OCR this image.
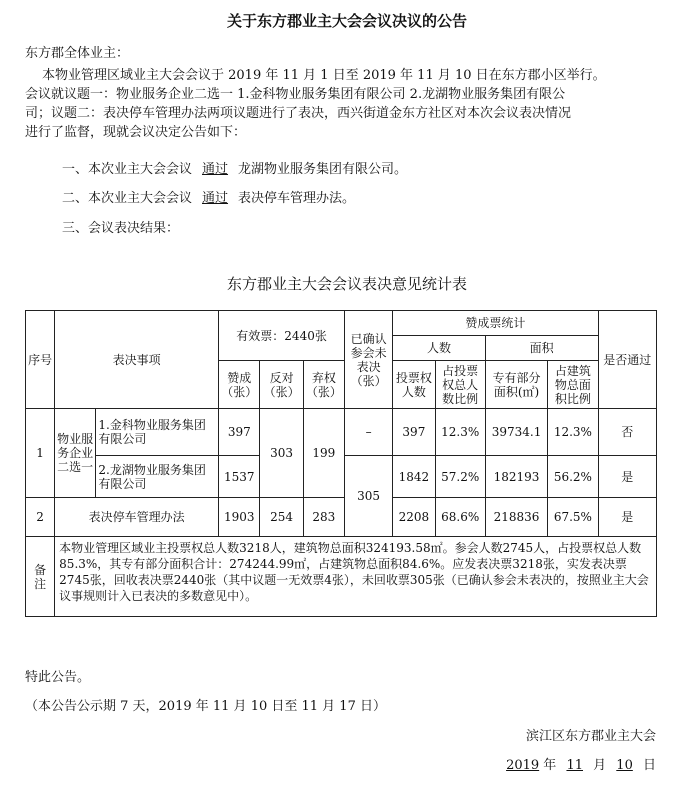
关于东方郡业主大会会议决议的公告
东方郡全体业主：
本物业管理区域业主大会会议于 2019 年 11 月 1 日至 2019 年 11 月 10 日在东方郡小区举行。
会议就议题一：物业服务企业二选一 1.金科物业服务集团有限公司 2.龙湖物业服务集团有限公
司；议题二：表决停车管理办法两项议题进行了表决，西兴街道金东方社区对本次会议表决情况
进行了监督，现就会议决定公告如下：
一、本次业主大会会议 通过 龙湖物业服务集团有限公司。
二、本次业主大会会议 通过 表决停车管理办法。
三、会议表决结果：
东方郡业主大会会议表决意见统计表
序号	表决事项		有效票：2440张			已确认参会未表决（张）	赞成票统计				是否通过
							人数		面积		
			赞成（张）	反对（张）	弃权（张）		投票权人数	占投票权总人数比例	专有部分面积(㎡)	占建筑物总面积比例	
1	物业服务企业二选一	1.金科物业服务集团有限公司	397	303	199	–	397	12.3%	39734.1	12.3%	否
		2.龙湖物业服务集团有限公司	1537			305	1842	57.2%	182193	56.2%	是
2	表决停车管理办法		1903	254	283		2208	68.6%	218836	67.5%	是
备注	本物业管理区域业主投票权总人数3218人，建筑物总面积324193.58㎡。参会人数2745人，占投票权总人数85.3%，其专有部分面积合计：274244.99㎡，占建筑物总面积84.6%。应发表决票3218张，实发表决票2745张，回收表决票2440张（其中议题一无效票4张），未回收票305张（已确认参会未表决的，按照业主大会议事规则计入已表决的多数意见中）。										
特此公告。
（本公告公示期 7 天，2019 年 11 月 10 日至 11 月 17 日）
滨江区东方郡业主大会
2019 年 11 月 10 日
